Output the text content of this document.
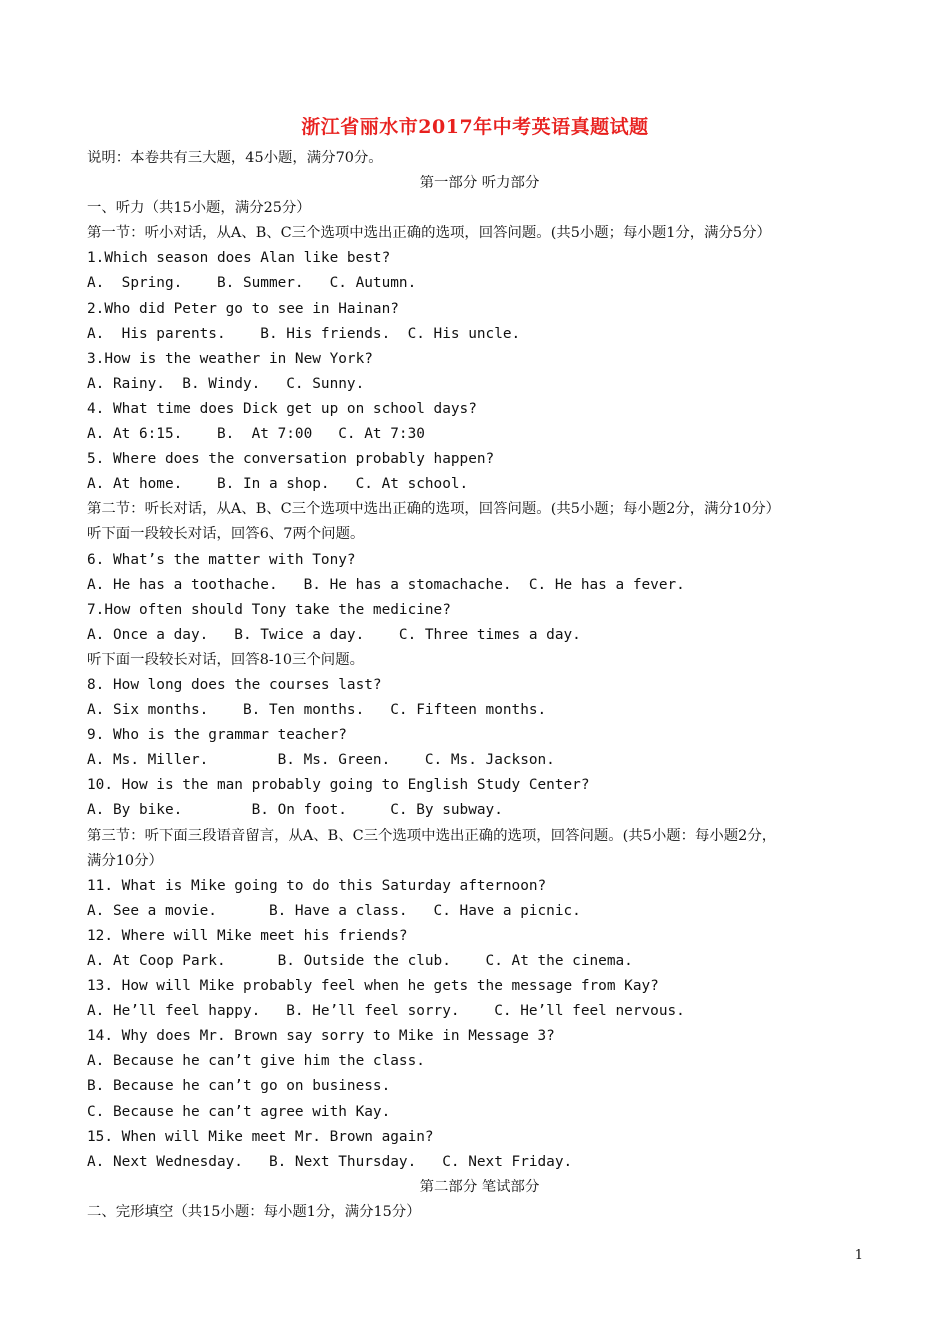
浙江省丽水市2017年中考英语真题试题
说明：本卷共有三大题，45小题，满分70分。
第一部分 听力部分
一、听力（共15小题，满分25分）
第一节：听小对话，从A、B、C三个选项中选出正确的选项，回答问题。(共5小题；每小题1分，满分5分）
1.Which season does Alan like best?
A.  Spring.    B. Summer.   C. Autumn.
2.Who did Peter go to see in Hainan?
A.  His parents.    B. His friends.  C. His uncle.
3.How is the weather in New York?
A. Rainy.  B. Windy.   C. Sunny.
4. What time does Dick get up on school days?
A. At 6:15.    B.  At 7:00   C. At 7:30
5. Where does the conversation probably happen?
A. At home.    B. In a shop.   C. At school.
第二节：听长对话，从A、B、C三个选项中选出正确的选项，回答问题。(共5小题；每小题2分，满分10分）
听下面一段较长对话，回答6、7两个问题。
6. What’s the matter with Tony?
A. He has a toothache.   B. He has a stomachache.  C. He has a fever.
7.How often should Tony take the medicine?
A. Once a day.   B. Twice a day.    C. Three times a day.
听下面一段较长对话，回答8-10三个问题。
8. How long does the courses last?
A. Six months.    B. Ten months.   C. Fifteen months.
9. Who is the grammar teacher?
A. Ms. Miller.        B. Ms. Green.    C. Ms. Jackson.
10. How is the man probably going to English Study Center?
A. By bike.        B. On foot.     C. By subway.
第三节：听下面三段语音留言，从A、B、C三个选项中选出正确的选项，回答问题。(共5小题：每小题2分，
满分10分）
11. What is Mike going to do this Saturday afternoon?
A. See a movie.      B. Have a class.   C. Have a picnic.
12. Where will Mike meet his friends?
A. At Coop Park.      B. Outside the club.    C. At the cinema.
13. How will Mike probably feel when he gets the message from Kay?
A. He’ll feel happy.   B. He’ll feel sorry.    C. He’ll feel nervous.
14. Why does Mr. Brown say sorry to Mike in Message 3?
A. Because he can’t give him the class.
B. Because he can’t go on business.
C. Because he can’t agree with Kay.
15. When will Mike meet Mr. Brown again?
A. Next Wednesday.   B. Next Thursday.   C. Next Friday.
第二部分 笔试部分
二、完形填空（共15小题：每小题1分，满分15分）
1
